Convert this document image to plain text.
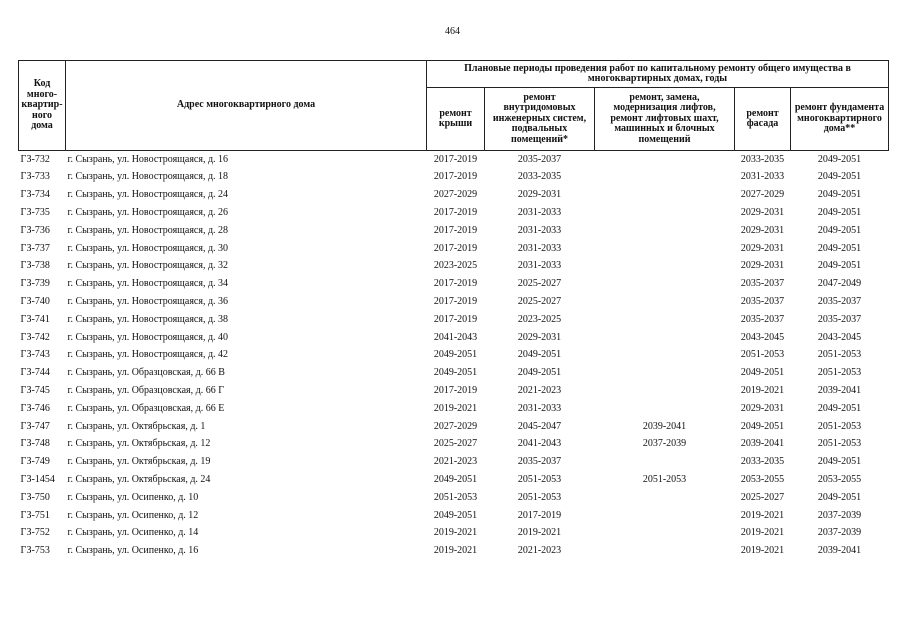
464
Код много-квартир-ного дома	Адрес многоквартирного дома	Плановые периоды проведения работ по капитальному ремонту общего имущества в многоквартирных домах, годы				
		ремонт крыши	ремонт внутридомовых инженерных систем, подвальных помещений*	ремонт, замена, модернизация лифтов, ремонт лифтовых шахт, машинных и блочных помещений	ремонт фасада	ремонт фундамента многоквартирного дома**
ГЗ-732	г. Сызрань, ул. Новостроящаяся, д. 16	2017-2019	2035-2037		2033-2035	2049-2051
ГЗ-733	г. Сызрань, ул. Новостроящаяся, д. 18	2017-2019	2033-2035		2031-2033	2049-2051
ГЗ-734	г. Сызрань, ул. Новостроящаяся, д. 24	2027-2029	2029-2031		2027-2029	2049-2051
ГЗ-735	г. Сызрань, ул. Новостроящаяся, д. 26	2017-2019	2031-2033		2029-2031	2049-2051
ГЗ-736	г. Сызрань, ул. Новостроящаяся, д. 28	2017-2019	2031-2033		2029-2031	2049-2051
ГЗ-737	г. Сызрань, ул. Новостроящаяся, д. 30	2017-2019	2031-2033		2029-2031	2049-2051
ГЗ-738	г. Сызрань, ул. Новостроящаяся, д. 32	2023-2025	2031-2033		2029-2031	2049-2051
ГЗ-739	г. Сызрань, ул. Новостроящаяся, д. 34	2017-2019	2025-2027		2035-2037	2047-2049
ГЗ-740	г. Сызрань, ул. Новостроящаяся, д. 36	2017-2019	2025-2027		2035-2037	2035-2037
ГЗ-741	г. Сызрань, ул. Новостроящаяся, д. 38	2017-2019	2023-2025		2035-2037	2035-2037
ГЗ-742	г. Сызрань, ул. Новостроящаяся, д. 40	2041-2043	2029-2031		2043-2045	2043-2045
ГЗ-743	г. Сызрань, ул. Новостроящаяся, д. 42	2049-2051	2049-2051		2051-2053	2051-2053
ГЗ-744	г. Сызрань, ул. Образцовская, д. 66 В	2049-2051	2049-2051		2049-2051	2051-2053
ГЗ-745	г. Сызрань, ул. Образцовская, д. 66 Г	2017-2019	2021-2023		2019-2021	2039-2041
ГЗ-746	г. Сызрань, ул. Образцовская, д. 66 Е	2019-2021	2031-2033		2029-2031	2049-2051
ГЗ-747	г. Сызрань, ул. Октябрьская, д. 1	2027-2029	2045-2047	2039-2041	2049-2051	2051-2053
ГЗ-748	г. Сызрань, ул. Октябрьская, д. 12	2025-2027	2041-2043	2037-2039	2039-2041	2051-2053
ГЗ-749	г. Сызрань, ул. Октябрьская, д. 19	2021-2023	2035-2037		2033-2035	2049-2051
ГЗ-1454	г. Сызрань, ул. Октябрьская, д. 24	2049-2051	2051-2053	2051-2053	2053-2055	2053-2055
ГЗ-750	г. Сызрань, ул. Осипенко, д. 10	2051-2053	2051-2053		2025-2027	2049-2051
ГЗ-751	г. Сызрань, ул. Осипенко, д. 12	2049-2051	2017-2019		2019-2021	2037-2039
ГЗ-752	г. Сызрань, ул. Осипенко, д. 14	2019-2021	2019-2021		2019-2021	2037-2039
ГЗ-753	г. Сызрань, ул. Осипенко, д. 16	2019-2021	2021-2023		2019-2021	2039-2041
